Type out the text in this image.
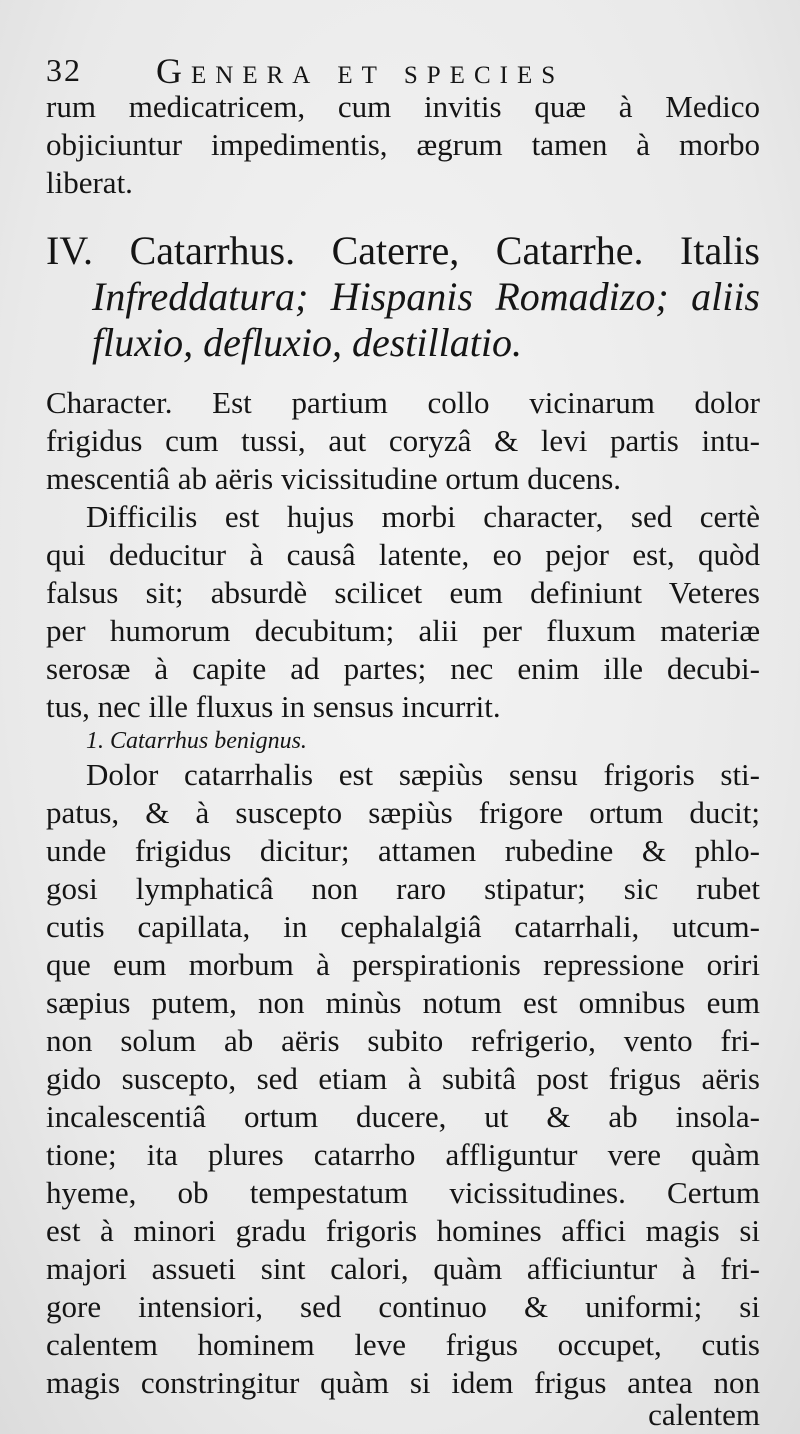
32 Genera et species
rum medicatricem, cum invitis quæ à Medico
objiciuntur impedimentis, ægrum tamen à morbo
liberat.
IV. Catarrhus. Caterre, Catarrhe. Italis
Infreddatura; Hispanis Romadizo; aliis
fluxio, defluxio, destillatio.
Character. Est partium collo vicinarum dolor
frigidus cum tussi, aut coryzâ & levi partis intu-
mescentiâ ab aëris vicissitudine ortum ducens.
Difficilis est hujus morbi character, sed certè
qui deducitur à causâ latente, eo pejor est, quòd
falsus sit; absurdè scilicet eum definiunt Veteres
per humorum decubitum; alii per fluxum materiæ
serosæ à capite ad partes; nec enim ille decubi-
tus, nec ille fluxus in sensus incurrit.
1. Catarrhus benignus.
Dolor catarrhalis est sæpiùs sensu frigoris sti-
patus, & à suscepto sæpiùs frigore ortum ducit;
unde frigidus dicitur; attamen rubedine & phlo-
gosi lymphaticâ non raro stipatur; sic rubet
cutis capillata, in cephalalgiâ catarrhali, utcum-
que eum morbum à perspirationis repressione oriri
sæpius putem, non minùs notum est omnibus eum
non solum ab aëris subito refrigerio, vento fri-
gido suscepto, sed etiam à subitâ post frigus aëris
incalescentiâ ortum ducere, ut & ab insola-
tione; ita plures catarrho affliguntur vere quàm
hyeme, ob tempestatum vicissitudines. Certum
est à minori gradu frigoris homines affici magis si
majori assueti sint calori, quàm afficiuntur à fri-
gore intensiori, sed continuo & uniformi; si
calentem hominem leve frigus occupet, cutis
magis constringitur quàm si idem frigus antea non
calentem
